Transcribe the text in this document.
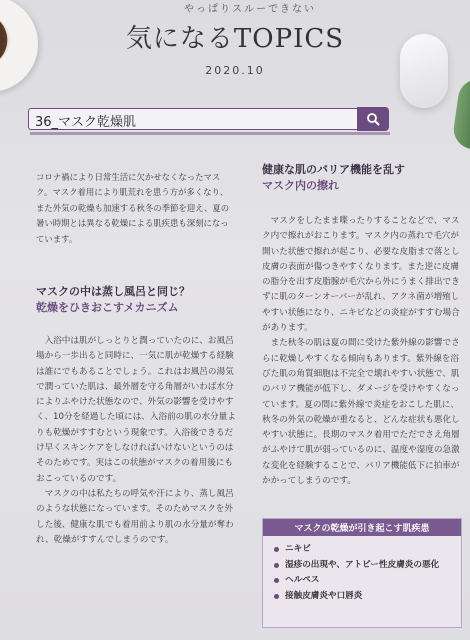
やっぱりスルーできない
気になるTOPICS
2020.10
36_マスク乾燥肌
コロナ禍により日常生活に欠かせなくなったマスク。マスク着用により肌荒れを患う方が多くなり、また外気の乾燥も加速する秋冬の季節を迎え、夏の暑い時期とは異なる乾燥による肌疾患も深刻になっています。

マスクの中は蒸し風呂と同じ？

乾燥をひきおこすメカニズム

入浴中は肌がしっとりと潤っていたのに、お風呂場から一歩出ると同時に、一気に肌が乾燥する経験は誰にでもあることでしょう。これはお風呂の湯気で潤っていた肌は、最外層を守る角層がいわば水分によりふやけた状態なので、外気の影響を受けやすく、10分を経過した頃には、入浴前の肌の水分量よりも乾燥がすすむという現象です。入浴後できるだけ早くスキンケアをしなければいけないというのはそのためです。実はこの状態がマスクの着用後にもおこっているのです。

マスクの中は私たちの呼気や汗により、蒸し風呂のような状態になっています。そのためマスクを外した後、健康な肌でも着用前より肌の水分量が奪われ、乾燥がすすんでしまうのです。

健康な肌のバリア機能を乱す

マスク内の擦れ

マスクをしたまま喋ったりすることなどで、マスク内で擦れがおこります。マスク内の蒸れで毛穴が開いた状態で擦れが起こり、必要な皮脂まで落とし皮膚の表面が傷つきやすくなります。また逆に皮膚の脂分を出す皮脂腺が毛穴から外にうまく排出できずに肌のターンオーバーが乱れ、アクネ菌が増殖しやすい状態になり、ニキビなどの炎症がすすむ場合があります。

また秋冬の肌は夏の間に受けた紫外線の影響でさらに乾燥しやすくなる傾向もあります。紫外線を浴びた肌の角質細胞は不完全で壊れやすい状態で、肌のバリア機能が低下し、ダメージを受けやすくなっています。夏の間に紫外線で炎症をおこした肌に、秋冬の外気の乾燥が重なると、どんな症状も悪化しやすい状態に。長期のマスク着用でただでさえ角層がふやけて肌が弱っているのに、温度や湿度の急激な変化を経験することで、バリア機能低下に拍車がかかってしまうのです。

マスクの乾燥が引き起こす肌疾患
ニキビ
湿疹の出現や、アトピー性皮膚炎の悪化
ヘルペス
接触皮膚炎や口唇炎
